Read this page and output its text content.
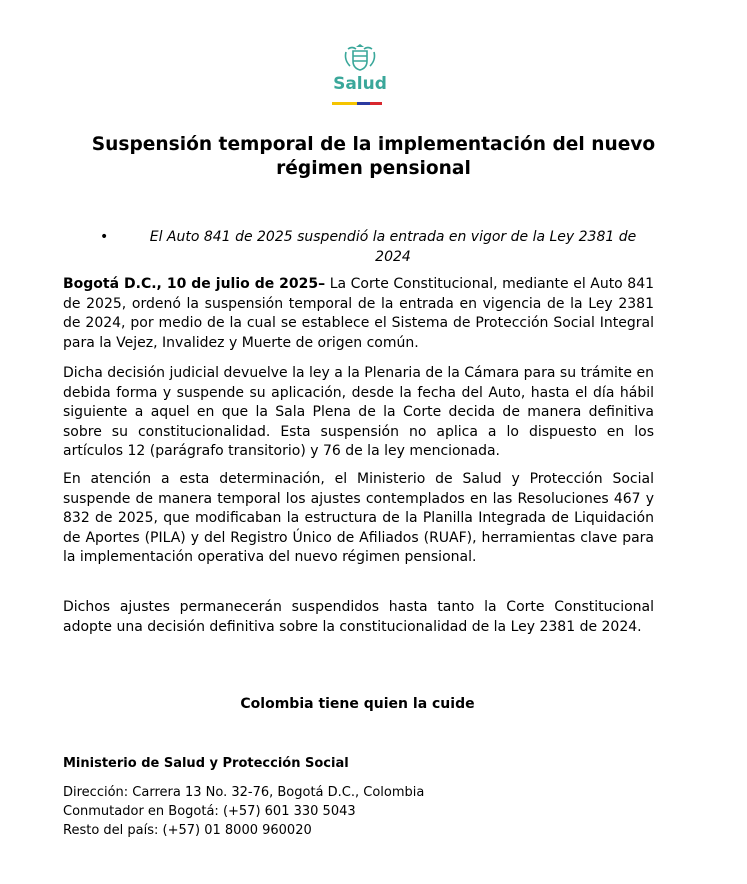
Salud
Suspensión temporal de la implementación del nuevo
régimen pensional
•	El Auto 841 de 2025 suspendió la entrada en vigor de la Ley 2381 de
2024

Bogotá D.C., 10 de julio de 2025– La Corte Constitucional, mediante el Auto 841 de 2025, ordenó la suspensión temporal de la entrada en vigencia de la Ley 2381 de 2024, por medio de la cual se establece el Sistema de Protección Social Integral para la Vejez, Invalidez y Muerte de origen común.

Dicha decisión judicial devuelve la ley a la Plenaria de la Cámara para su trámite en debida forma y suspende su aplicación, desde la fecha del Auto, hasta el día hábil siguiente a aquel en que la Sala Plena de la Corte decida de manera definitiva sobre su constitucionalidad. Esta suspensión no aplica a lo dispuesto en los artículos 12 (parágrafo transitorio) y 76 de la ley mencionada.

En atención a esta determinación, el Ministerio de Salud y Protección Social suspende de manera temporal los ajustes contemplados en las Resoluciones 467 y 832 de 2025, que modificaban la estructura de la Planilla Integrada de Liquidación de Aportes (PILA) y del Registro Único de Afiliados (RUAF), herramientas clave para la implementación operativa del nuevo régimen pensional.

Dichos ajustes permanecerán suspendidos hasta tanto la Corte Constitucional adopte una decisión definitiva sobre la constitucionalidad de la Ley 2381 de 2024.

Colombia tiene quien la cuide

Ministerio de Salud y Protección Social

Dirección: Carrera 13 No. 32-76, Bogotá D.C., Colombia

Conmutador en Bogotá: (+57) 601 330 5043

Resto del país: (+57) 01 8000 960020
